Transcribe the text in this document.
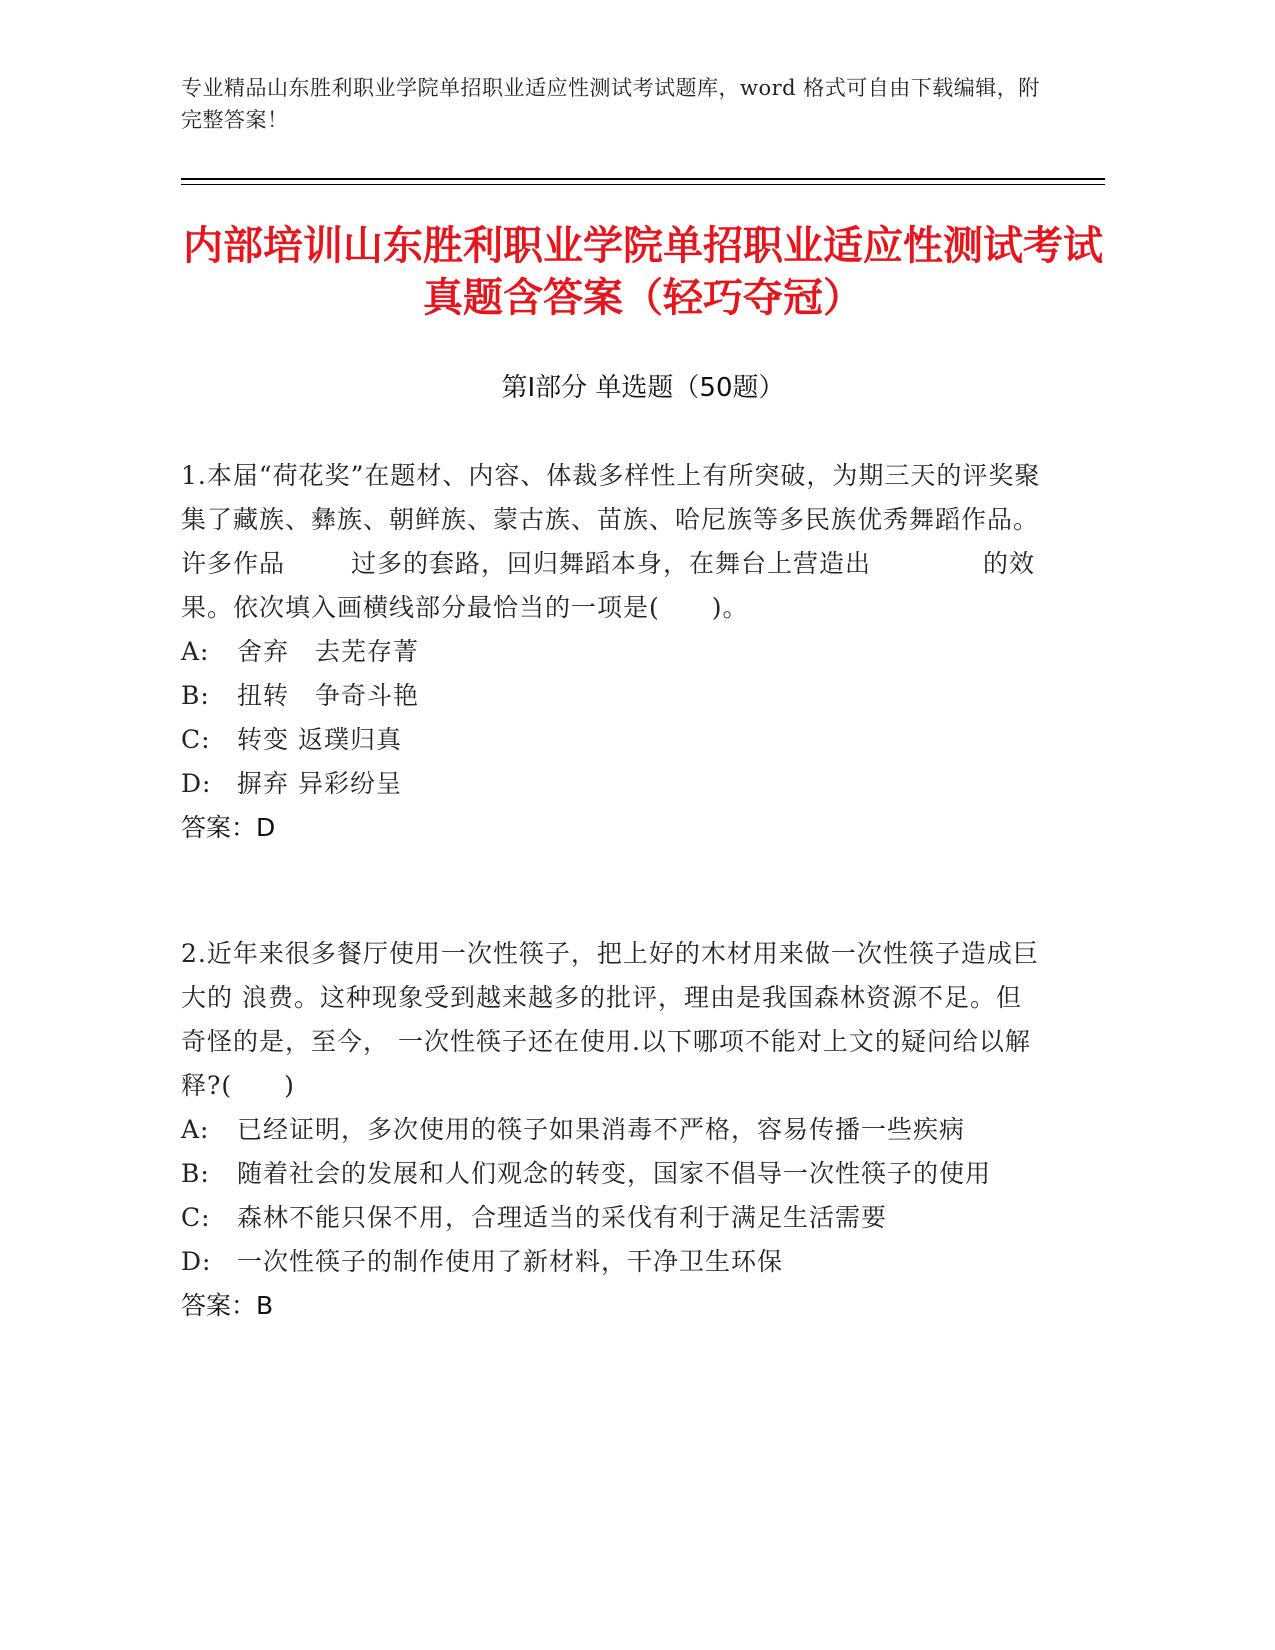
专业精品山东胜利职业学院单招职业适应性测试考试题库，word 格式可自由下载编辑，附完整答案！
内部培训山东胜利职业学院单招职业适应性测试考试真题含答案（轻巧夺冠）
第Ⅰ部分 单选题（50题）
1.本届“荷花奖”在题材、内容、体裁多样性上有所突破，为期三天的评奖聚 集了藏族、彝族、朝鲜族、蒙古族、苗族、哈尼族等多民族优秀舞蹈作品。许多作品	过多的套路，回归舞蹈本身，在舞台上营造出	的效果。依次填入画横线部分最恰当的一项是(　　)。
A:	舍弃　去芜存菁
B:	扭转　争奇斗艳
C:	转变 返璞归真
D:	摒弃 异彩纷呈
答案：D
2.近年来很多餐厅使用一次性筷子，把上好的木材用来做一次性筷子造成巨大的 浪费。这种现象受到越来越多的批评，理由是我国森林资源不足。但奇怪的是，至今， 一次性筷子还在使用.以下哪项不能对上文的疑问给以解释?(　　)
A:	已经证明，多次使用的筷子如果消毒不严格，容易传播一些疾病
B: 随着社会的发展和人们观念的转变，国家不倡导一次性筷子的使用
C:	森林不能只保不用，合理适当的采伐有利于满足生活需要
D:	一次性筷子的制作使用了新材料，干净卫生环保
答案：B
